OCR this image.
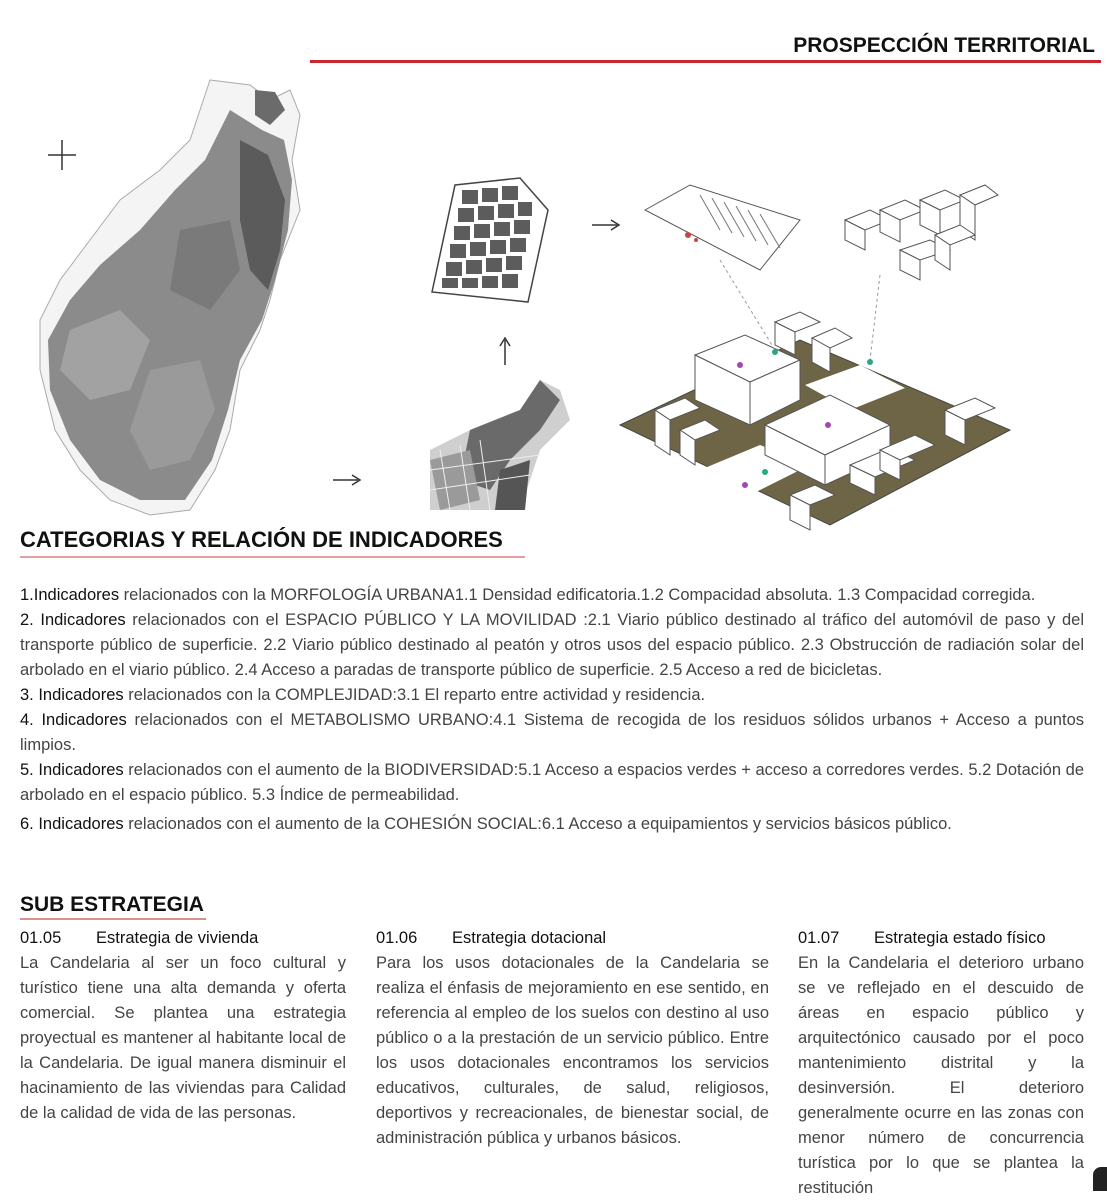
PROSPECCIÓN TERRITORIAL
CATEGORIAS Y RELACIÓN DE INDICADORES

1.Indicadores relacionados con la MORFOLOGÍA URBANA1.1 Densidad edificatoria.1.2 Compacidad absoluta. 1.3 Compacidad corregida.

2. Indicadores relacionados con el ESPACIO PÚBLICO Y LA MOVILIDAD :2.1 Viario público destinado al tráfico del automóvil de paso y del transporte público de superficie. 2.2 Viario público destinado al peatón y otros usos del espacio público. 2.3 Obstrucción de radiación solar del arbolado en el viario público. 2.4 Acceso a paradas de transporte público de superficie. 2.5 Acceso a red de bicicletas.

3. Indicadores relacionados con la COMPLEJIDAD:3.1 El reparto entre actividad y residencia.

4. Indicadores relacionados con el METABOLISMO URBANO:4.1 Sistema de recogida de los residuos sólidos urbanos + Acceso a puntos limpios.

5. Indicadores relacionados con el aumento de la BIODIVERSIDAD:5.1 Acceso a espacios verdes + acceso a corredores verdes. 5.2 Dotación de arbolado en el espacio público. 5.3 Índice de permeabilidad.

6. Indicadores relacionados con el aumento de la COHESIÓN SOCIAL:6.1 Acceso a equipamientos y servicios básicos público.

SUB ESTRATEGIA
01.05 Estrategia de vivienda
La Candelaria al ser un foco cultural y turístico tiene una alta demanda y oferta comercial. Se plantea una estrategia proyectual es mantener al habitante local de la Candelaria. De igual manera disminuir el hacinamiento de las viviendas para Calidad de la calidad de vida de las personas.
01.06 Estrategia dotacional
Para los usos dotacionales de la Candelaria se realiza el énfasis de mejoramiento en ese sentido, en referencia al empleo de los suelos con destino al uso público o a la prestación de un servicio público. Entre los usos dotacionales encontramos los servicios educativos, culturales, de salud, religiosos, deportivos y recreacionales, de bienestar social, de administración pública y urbanos básicos.
01.07 Estrategia estado físico
En la Candelaria el deterioro urbano se ve reflejado en el descuido de áreas en espacio público y arquitectónico causado por el poco mantenimiento distrital y la desinversión. El deterioro generalmente ocurre en las zonas con menor número de concurrencia turística por lo que se plantea la restitución
